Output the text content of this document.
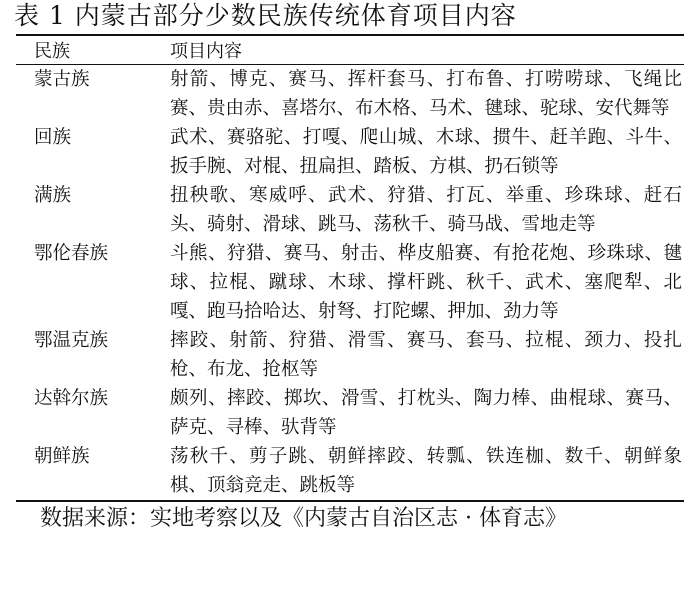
表 1 内蒙古部分少数民族传统体育项目内容
民族	项目内容
蒙古族	射箭、博克、赛马、挥杆套马、打布鲁、打唠唠球、飞绳比赛、贵由赤、喜塔尔、布木格、马术、毽球、驼球、安代舞等
回族	武术、赛骆驼、打嘎、爬山城、木球、掼牛、赶羊跑、斗牛、扳手腕、对棍、扭扁担、踏板、方棋、扔石锁等
满族	扭秧歌、寒威呼、武术、狩猎、打瓦、举重、珍珠球、赶石头、骑射、滑球、跳马、荡秋千、骑马战、雪地走等
鄂伦春族	斗熊、狩猎、赛马、射击、桦皮船赛、有抢花炮、珍珠球、毽球、拉棍、蹴球、木球、撑杆跳、秋千、武术、塞爬犁、北嘎、跑马拾哈达、射弩、打陀螺、押加、劲力等
鄂温克族	摔跤、射箭、狩猎、滑雪、赛马、套马、拉棍、颈力、投扎枪、布龙、抢枢等
达斡尔族	颇列、摔跤、掷坎、滑雪、打枕头、陶力棒、曲棍球、赛马、萨克、寻棒、驮背等
朝鲜族	荡秋千、剪子跳、朝鲜摔跤、转瓢、铁连枷、数千、朝鲜象棋、顶翁竞走、跳板等
数据来源：实地考察以及《内蒙古自治区志 · 体育志》
